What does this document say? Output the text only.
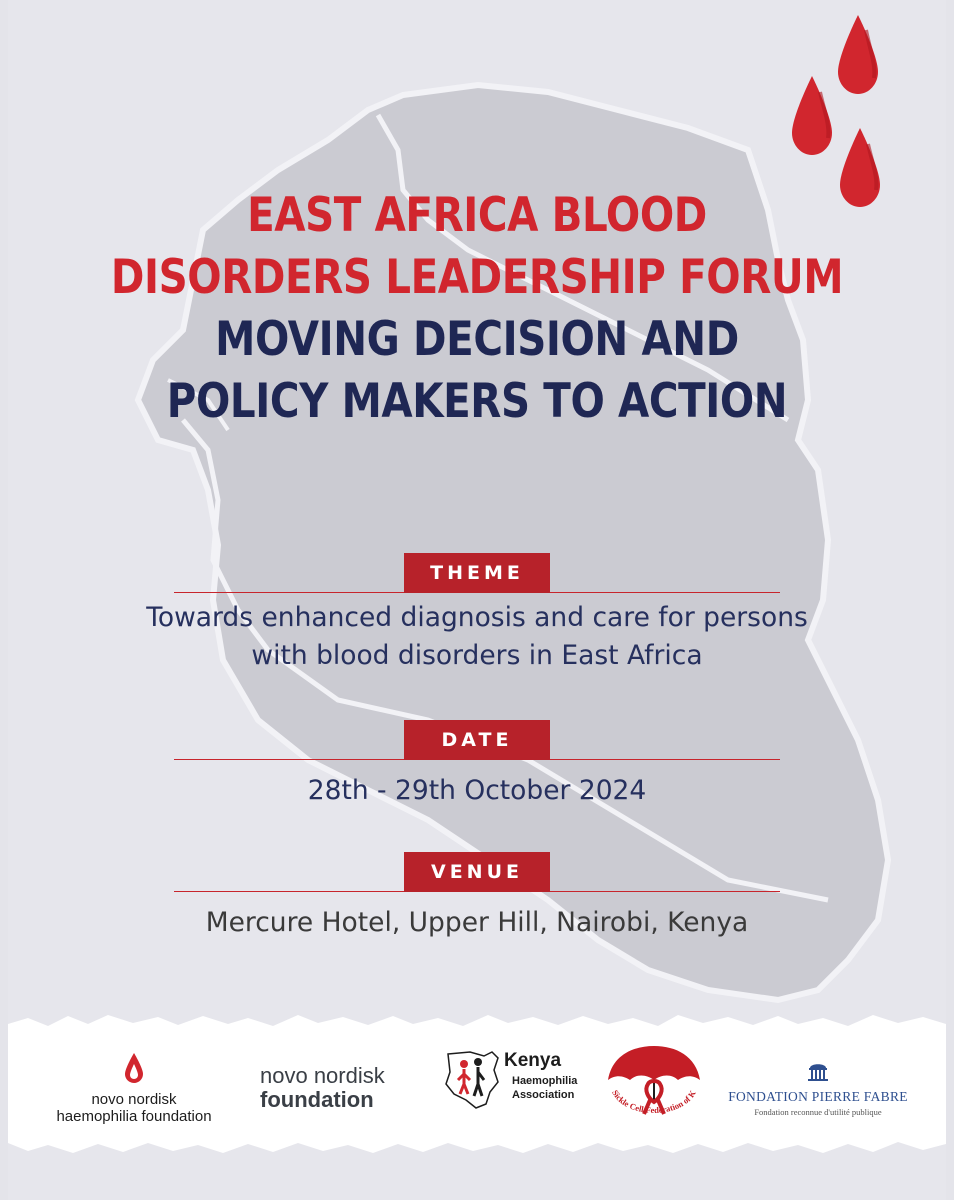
EAST AFRICA BLOOD
DISORDERS LEADERSHIP FORUM
MOVING DECISION AND
POLICY MAKERS TO ACTION
THEME
Towards enhanced diagnosis and care for persons
with blood disorders in East Africa
DATE
28th - 29th October 2024
VENUE
Mercure Hotel, Upper Hill, Nairobi, Kenya
novo nordisk
haemophilia foundation
novo nordisk
foundation
Kenya
Haemophilia
Association	Sickle Cell Federation of K FONDATION PIERRE FABRE
Fondation reconnue d'utilité publique
